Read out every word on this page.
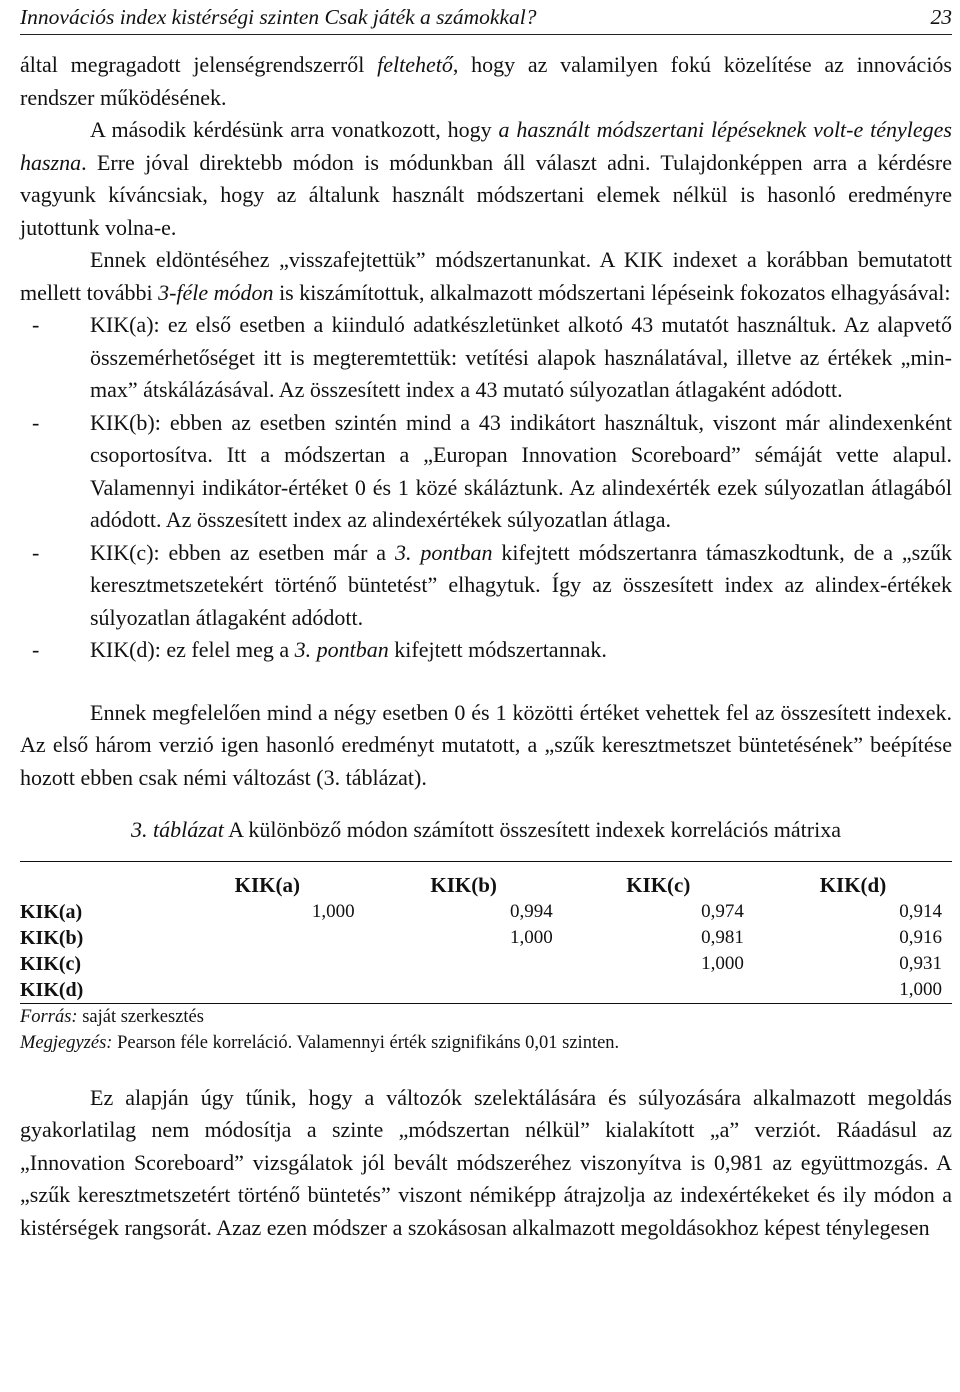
Innovációs index kistérségi szinten Csak játék a számokkal?	23

által megragadott jelenségrendszerről feltehető, hogy az valamilyen fokú közelítése az innovációs rendszer működésének.

A második kérdésünk arra vonatkozott, hogy a használt módszertani lépéseknek volt-e tényleges haszna. Erre jóval direktebb módon is módunkban áll választ adni. Tulajdonképpen arra a kérdésre vagyunk kíváncsiak, hogy az általunk használt módszertani elemek nélkül is hasonló eredményre jutottunk volna-e.

Ennek eldöntéséhez „visszafejtettük” módszertanunkat. A KIK indexet a korábban bemutatott mellett további 3-féle módon is kiszámítottuk, alkalmazott módszertani lépéseink fokozatos elhagyásával:

- KIK(a): ez első esetben a kiinduló adatkészletünket alkotó 43 mutatót használtuk. Az alapvető összemérhetőséget itt is megteremtettük: vetítési alapok használatával, illetve az értékek „min-max” átskálázásával. Az összesített index a 43 mutató súlyozatlan átlagaként adódott.
- KIK(b): ebben az esetben szintén mind a 43 indikátort használtuk, viszont már alindexenként csoportosítva. Itt a módszertan a „Europan Innovation Scoreboard” sémáját vette alapul. Valamennyi indikátor-értéket 0 és 1 közé skáláztunk. Az alindexérték ezek súlyozatlan átlagából adódott. Az összesített index az alindexértékek súlyozatlan átlaga.
- KIK(c): ebben az esetben már a 3. pontban kifejtett módszertanra támaszkodtunk, de a „szűk keresztmetszetekért történő büntetést” elhagytuk. Így az összesített index az alindex-értékek súlyozatlan átlagaként adódott.
- KIK(d): ez felel meg a 3. pontban kifejtett módszertannak.

Ennek megfelelően mind a négy esetben 0 és 1 közötti értéket vehettek fel az összesített indexek. Az első három verzió igen hasonló eredményt mutatott, a „szűk keresztmetszet büntetésének” beépítése hozott ebben csak némi változást (3. táblázat).

3. táblázat A különböző módon számított összesített indexek korrelációs mátrixa
	KIK(a)	KIK(b)	KIK(c)	KIK(d)
KIK(a)	1,000	0,994	0,974	0,914
KIK(b)		1,000	0,981	0,916
KIK(c)			1,000	0,931
KIK(d)				1,000
Forrás: saját szerkesztés
Megjegyzés: Pearson féle korreláció. Valamennyi érték szignifikáns 0,01 szinten.

Ez alapján úgy tűnik, hogy a változók szelektálására és súlyozására alkalmazott megoldás gyakorlatilag nem módosítja a szinte „módszertan nélkül” kialakított „a” verziót. Ráadásul az „Innovation Scoreboard” vizsgálatok jól bevált módszeréhez viszonyítva is 0,981 az együttmozgás. A „szűk keresztmetszetért történő büntetés” viszont némiképp átrajzolja az indexértékeket és ily módon a kistérségek rangsorát. Azaz ezen módszer a szokásosan alkalmazott megoldásokhoz képest ténylegesen
